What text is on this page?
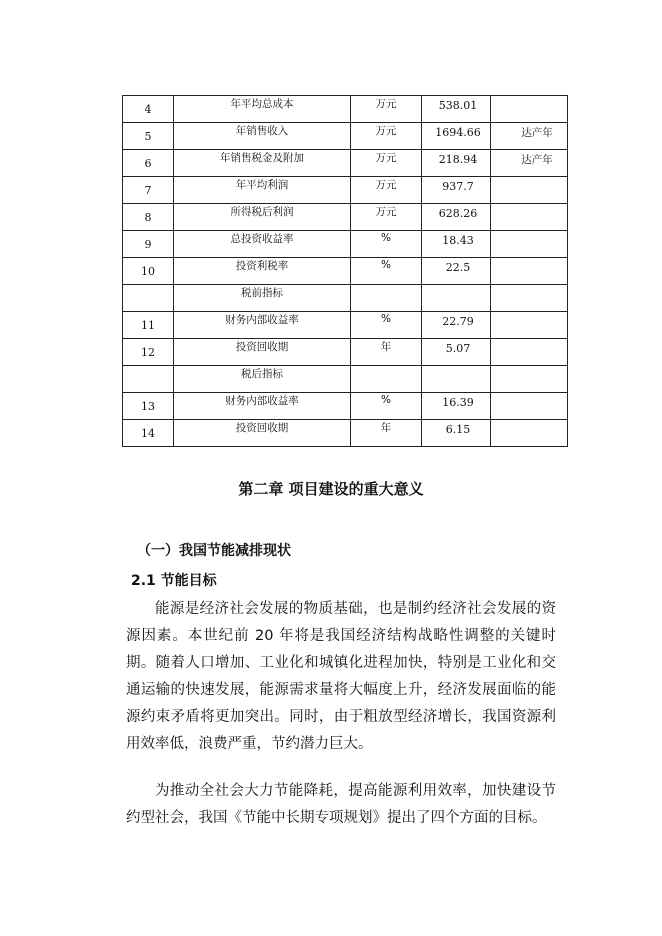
4	年平均总成本	万元	538.01	
5	年销售收入	万元	1694.66	达产年
6	年销售税金及附加	万元	218.94	达产年
7	年平均利润	万元	937.7	
8	所得税后利润	万元	628.26	
9	总投资收益率	%	18.43	
10	投资利税率	%	22.5	
	税前指标			
11	财务内部收益率	%	22.79	
12	投资回收期	年	5.07	
	税后指标			
13	财务内部收益率	%	16.39	
14	投资回收期	年	6.15	
第二章 项目建设的重大意义
（一）我国节能减排现状
2.1 节能目标

能源是经济社会发展的物质基础，也是制约经济社会发展的资源因素。本世纪前 20 年将是我国经济结构战略性调整的关键时期。随着人口增加、工业化和城镇化进程加快，特别是工业化和交通运输的快速发展，能源需求量将大幅度上升，经济发展面临的能源约束矛盾将更加突出。同时，由于粗放型经济增长，我国资源利用效率低，浪费严重，节约潜力巨大。

为推动全社会大力节能降耗，提高能源利用效率，加快建设节约型社会，我国《节能中长期专项规划》提出了四个方面的目标。
